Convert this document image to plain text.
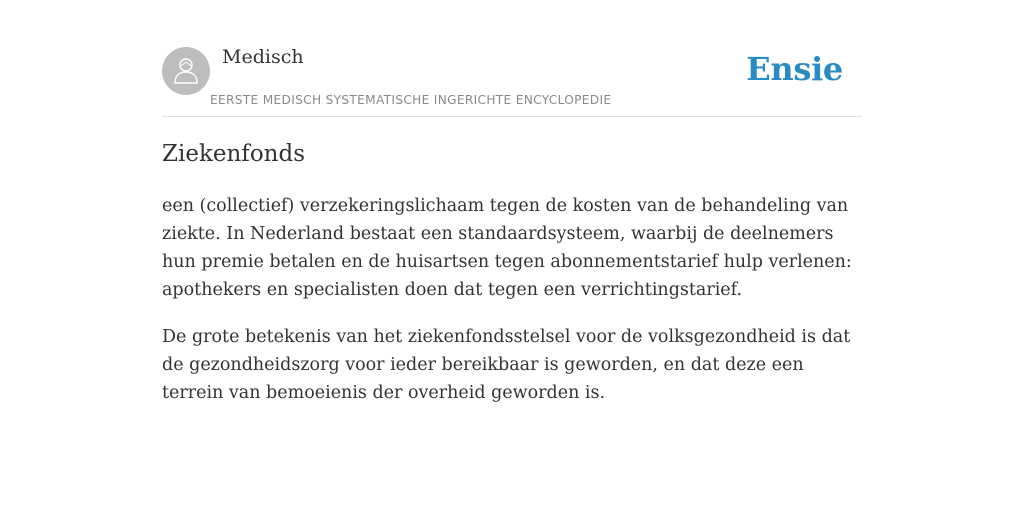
Medisch
EERSTE MEDISCH SYSTEMATISCHE INGERICHTE ENCYCLOPEDIE
Ensie
Ziekenfonds

een (collectief) verzekeringslichaam tegen de kosten van de behandeling van ziekte. In Nederland bestaat een standaardsysteem, waarbij de deelnemers hun premie betalen en de huisartsen tegen abonnementstarief hulp verlenen: apothekers en specialisten doen dat tegen een verrichtingstarief.

De grote betekenis van het ziekenfondsstelsel voor de volksgezondheid is dat de gezondheidszorg voor ieder bereikbaar is geworden, en dat deze een terrein van bemoeienis der overheid geworden is.
